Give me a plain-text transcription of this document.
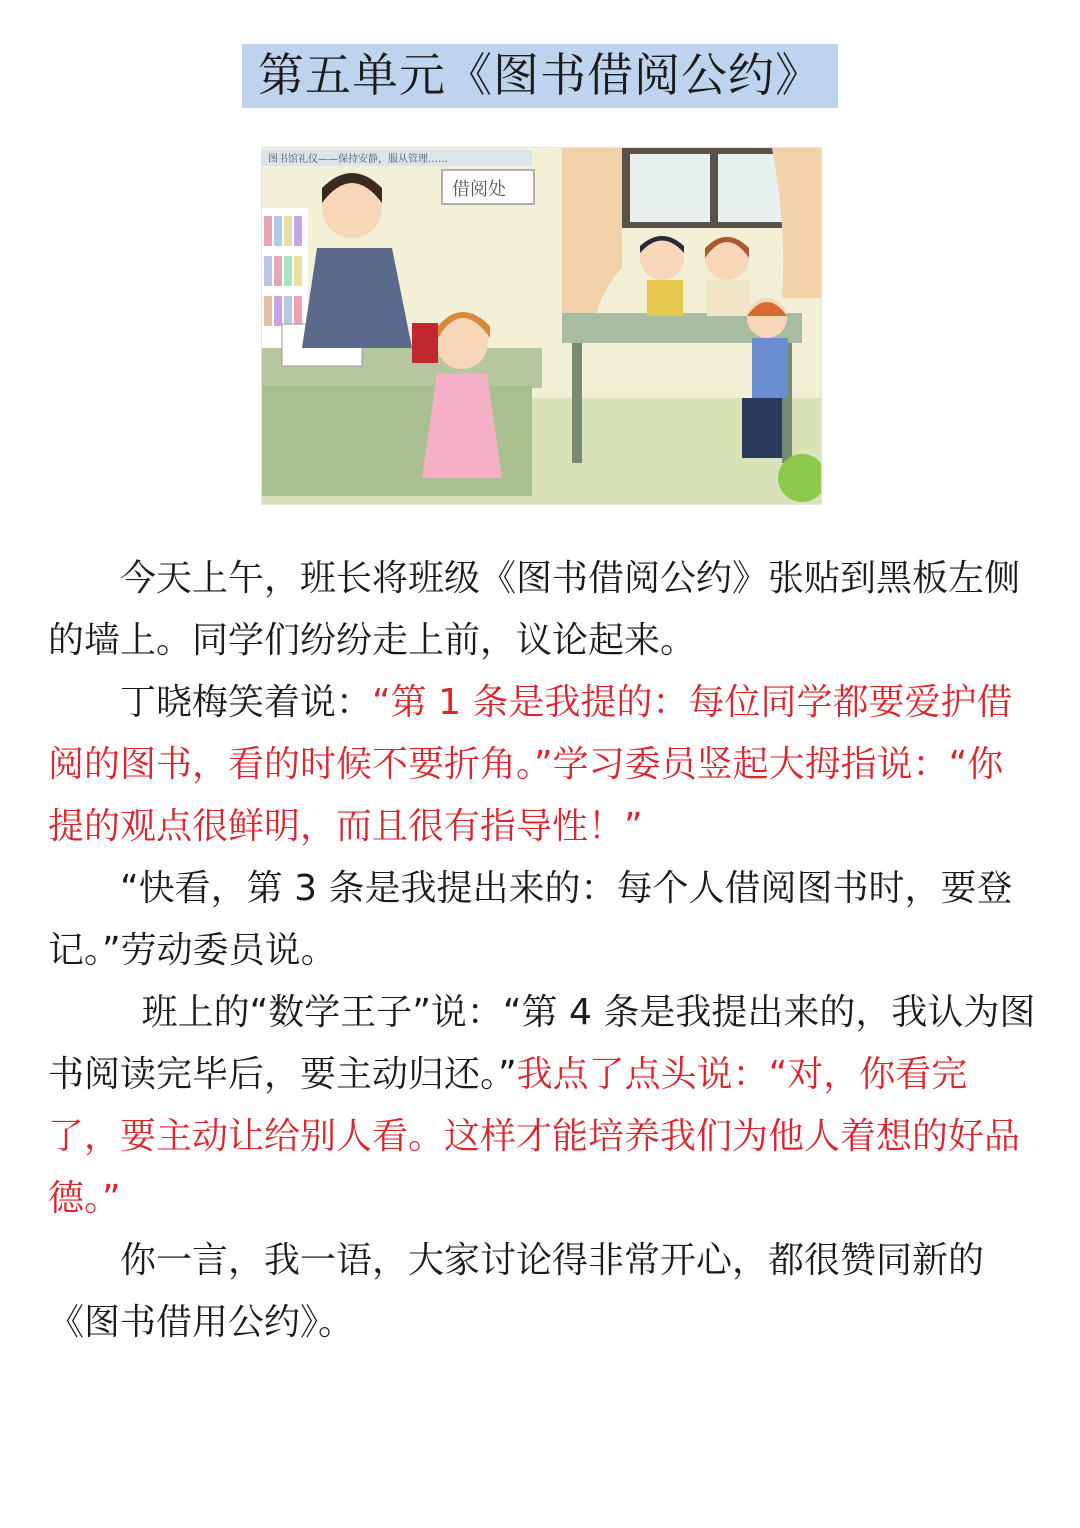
第五单元《图书借阅公约》
图书馆礼仪——保持安静，服从管理……
借阅处

今天上午，班长将班级《图书借阅公约》张贴到黑板左侧的墙上。同学们纷纷走上前，议论起来。

丁晓梅笑着说：“第 1 条是我提的：每位同学都要爱护借阅的图书，看的时候不要折角。”学习委员竖起大拇指说：“你提的观点很鲜明，而且很有指导性！”

“快看，第 3 条是我提出来的：每个人借阅图书时，要登记。”劳动委员说。

班上的“数学王子”说：“第 4 条是我提出来的，我认为图书阅读完毕后，要主动归还。”我点了点头说：“对，你看完了，要主动让给别人看。这样才能培养我们为他人着想的好品德。”

你一言，我一语，大家讨论得非常开心，都很赞同新的《图书借用公约》。
